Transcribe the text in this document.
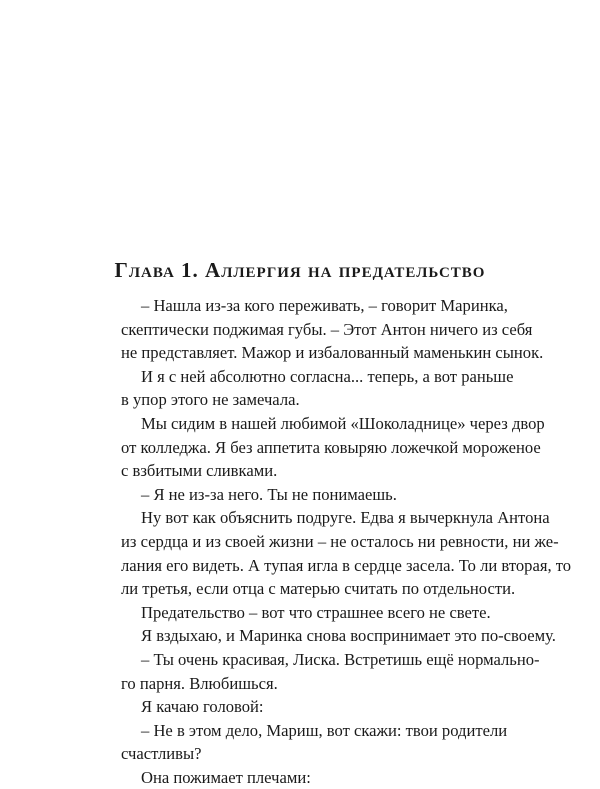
Глава 1. Аллергия на предательство
– Нашла из-за кого переживать, – говорит Маринка,
скептически поджимая губы. – Этот Антон ничего из себя
не представляет. Мажор и избалованный маменькин сынок.
И я с ней абсолютно согласна... теперь, а вот раньше
в упор этого не замечала.
Мы сидим в нашей любимой «Шоколаднице» через двор
от колледжа. Я без аппетита ковыряю ложечкой мороженое
с взбитыми сливками.
– Я не из-за него. Ты не понимаешь.
Ну вот как объяснить подруге. Едва я вычеркнула Антона
из сердца и из своей жизни – не осталось ни ревности, ни же-
лания его видеть. А тупая игла в сердце засела. То ли вторая, то
ли третья, если отца с матерью считать по отдельности.
Предательство – вот что страшнее всего не свете.
Я вздыхаю, и Маринка снова воспринимает это по-своему.
– Ты очень красивая, Лиска. Встретишь ещё нормально-
го парня. Влюбишься.
Я качаю головой:
– Не в этом дело, Мариш, вот скажи: твои родители
счастливы?
Она пожимает плечами:
